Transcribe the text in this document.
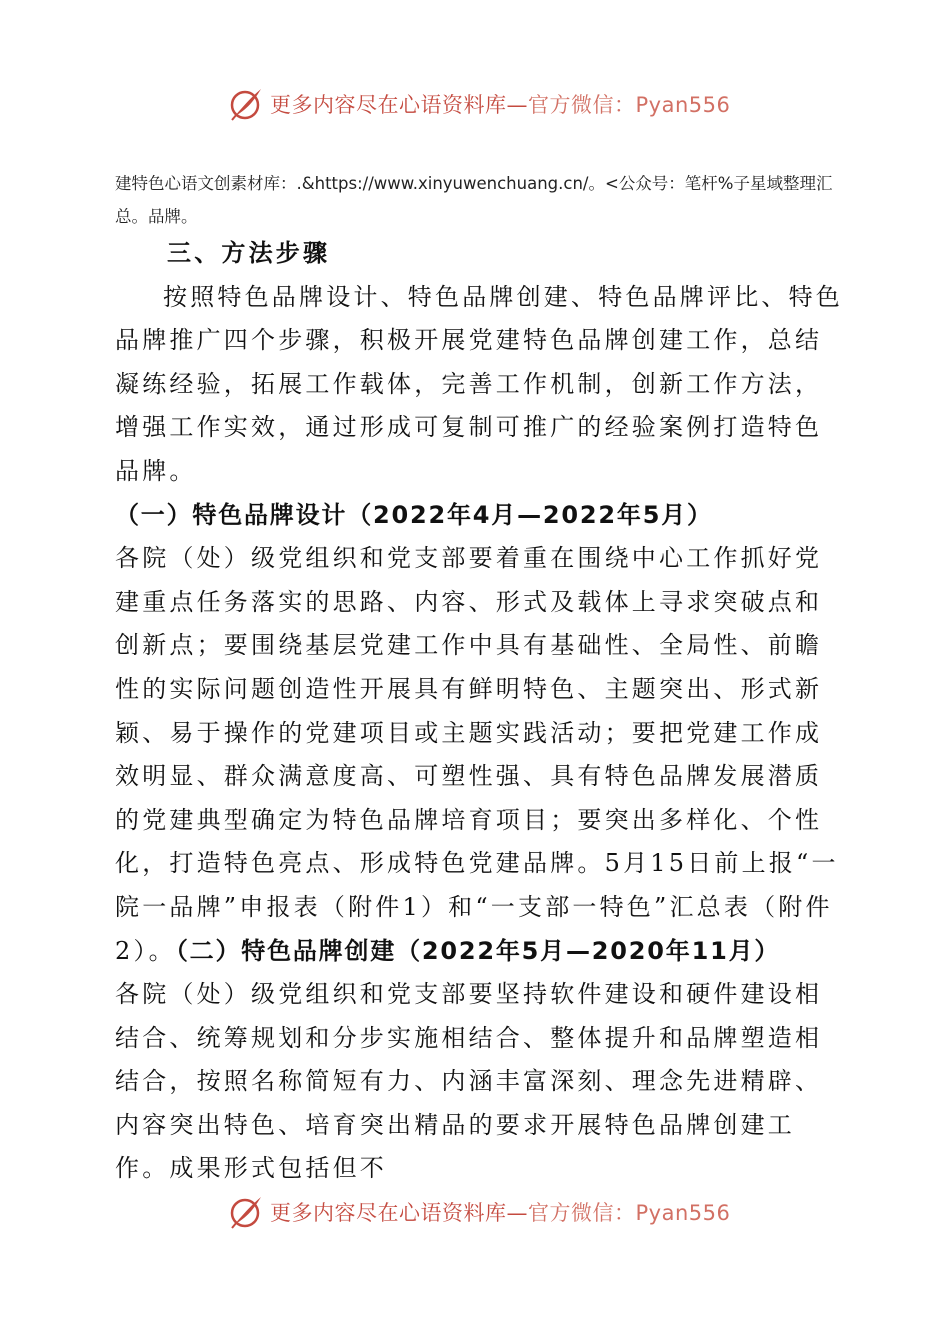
更多内容尽在心语资料库—官方微信：Pyan556
建特色心语文创素材库：.&https://www.xinyuwenchuang.cn/。<公众号：笔杆%子星域整理汇总。品牌。

三、方法步骤

按照特色品牌设计、特色品牌创建、特色品牌评比、特色品牌推广四个步骤，积极开展党建特色品牌创建工作，总结凝练经验，拓展工作载体，完善工作机制，创新工作方法，增强工作实效，通过形成可复制可推广的经验案例打造特色品牌。

（一）特色品牌设计（2022年4月—2022年5月）

各院（处）级党组织和党支部要着重在围绕中心工作抓好党建重点任务落实的思路、内容、形式及载体上寻求突破点和创新点；要围绕基层党建工作中具有基础性、全局性、前瞻性的实际问题创造性开展具有鲜明特色、主题突出、形式新颖、易于操作的党建项目或主题实践活动；要把党建工作成效明显、群众满意度高、可塑性强、具有特色品牌发展潜质的党建典型确定为特色品牌培育项目；要突出多样化、个性化，打造特色亮点、形成特色党建品牌。5月15日前上报“一院一品牌”申报表（附件1）和“一支部一特色”汇总表（附件2）。（二）特色品牌创建（2022年5月—2020年11月）

各院（处）级党组织和党支部要坚持软件建设和硬件建设相结合、统筹规划和分步实施相结合、整体提升和品牌塑造相结合，按照名称简短有力、内涵丰富深刻、理念先进精辟、内容突出特色、培育突出精品的要求开展特色品牌创建工作。成果形式包括但不

更多内容尽在心语资料库—官方微信：Pyan556
